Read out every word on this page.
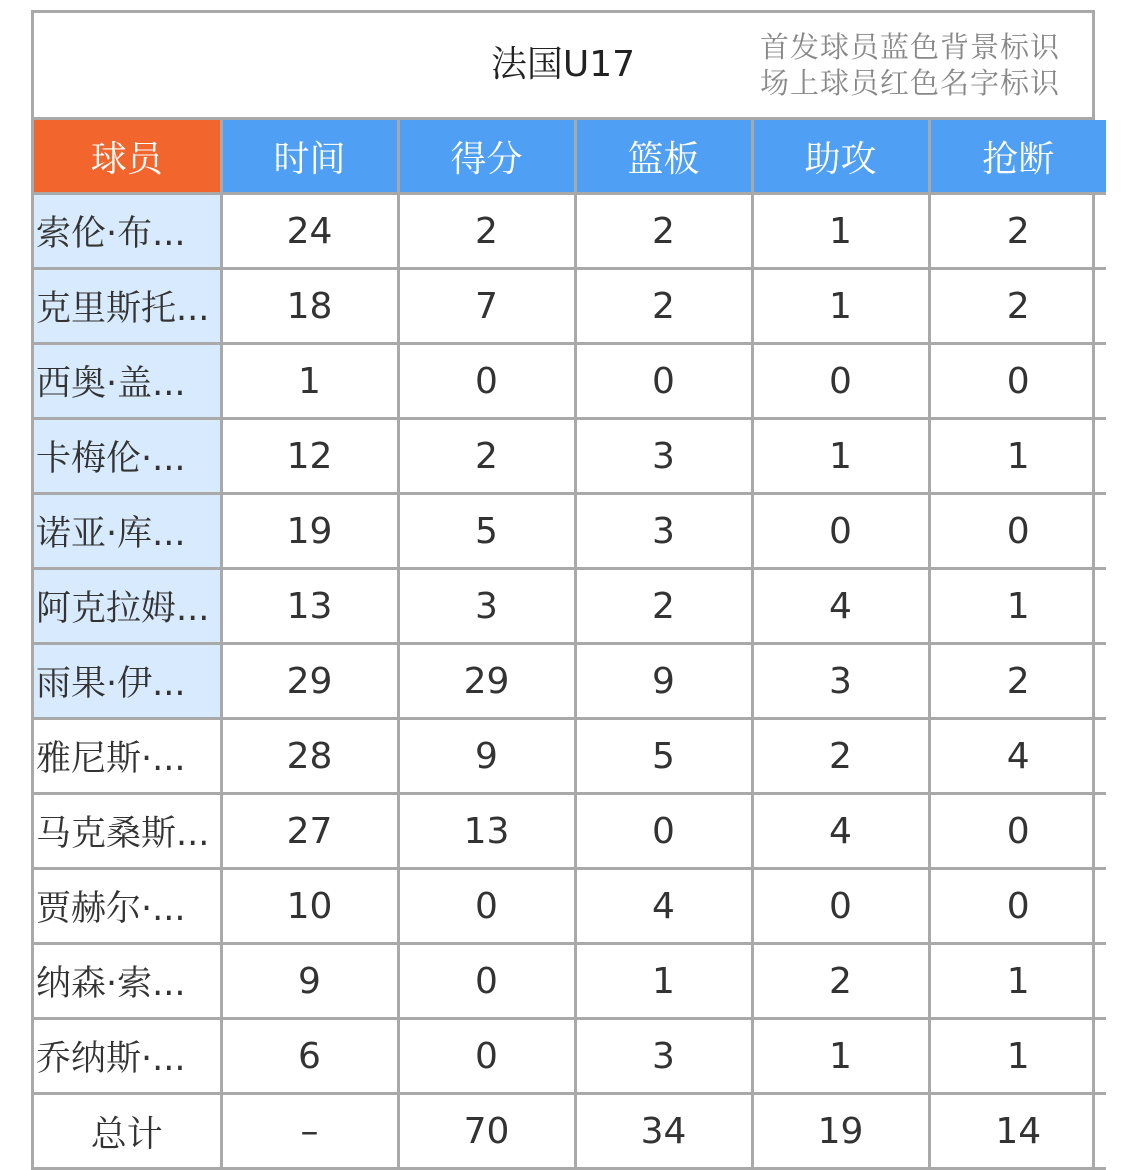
法国U17	首发球员蓝色背景标识
场上球员红色名字标识
球员	时间	得分	篮板	助攻	抢断
索伦·布...	24	2	2	1	2
克里斯托...	18	7	2	1	2
西奥·盖...	1	0	0	0	0
卡梅伦·...	12	2	3	1	1
诺亚·库...	19	5	3	0	0
阿克拉姆...	13	3	2	4	1
雨果·伊...	29	29	9	3	2
雅尼斯·...	28	9	5	2	4
马克桑斯...	27	13	0	4	0
贾赫尔·...	10	0	4	0	0
纳森·索...	9	0	1	2	1
乔纳斯·...	6	0	3	1	1
总计	–	70	34	19	14
